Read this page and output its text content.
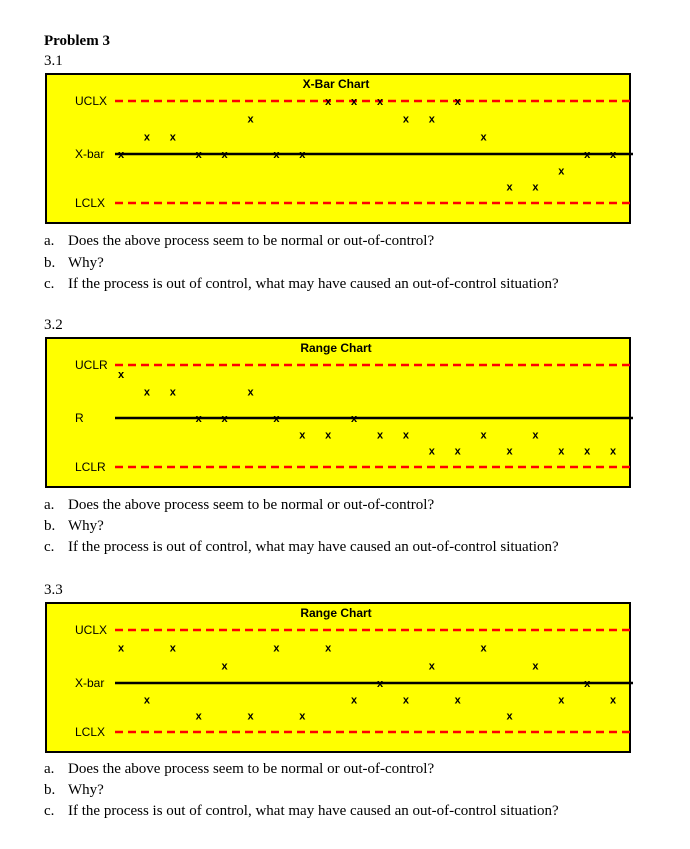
Problem 3
3.1
X-Bar Chart
UCLX
X-bar
LCLX
x
x x
x x
x
x x
x x x
x x
x
x
x x
x
x x
a. Does the above process seem to be normal or out-of-control?
b. Why?
c. If the process is out of control, what may have caused an out-of-control situation?
3.2
Range Chart
UCLR
R
LCLR
x
x x
x x
x
x
x x
x
x x
x x
x
x
x
x x x
a. Does the above process seem to be normal or out-of-control?
b. Why?
c. If the process is out of control, what may have caused an out-of-control situation?
3.3
Range Chart
UCLX
X-bar
LCLX
x
x
x
x
x
x
x
x
x
x
x
x
x
x
x
x
x
x
x
x
a. Does the above process seem to be normal or out-of-control?
b. Why?
c. If the process is out of control, what may have caused an out-of-control situation?
